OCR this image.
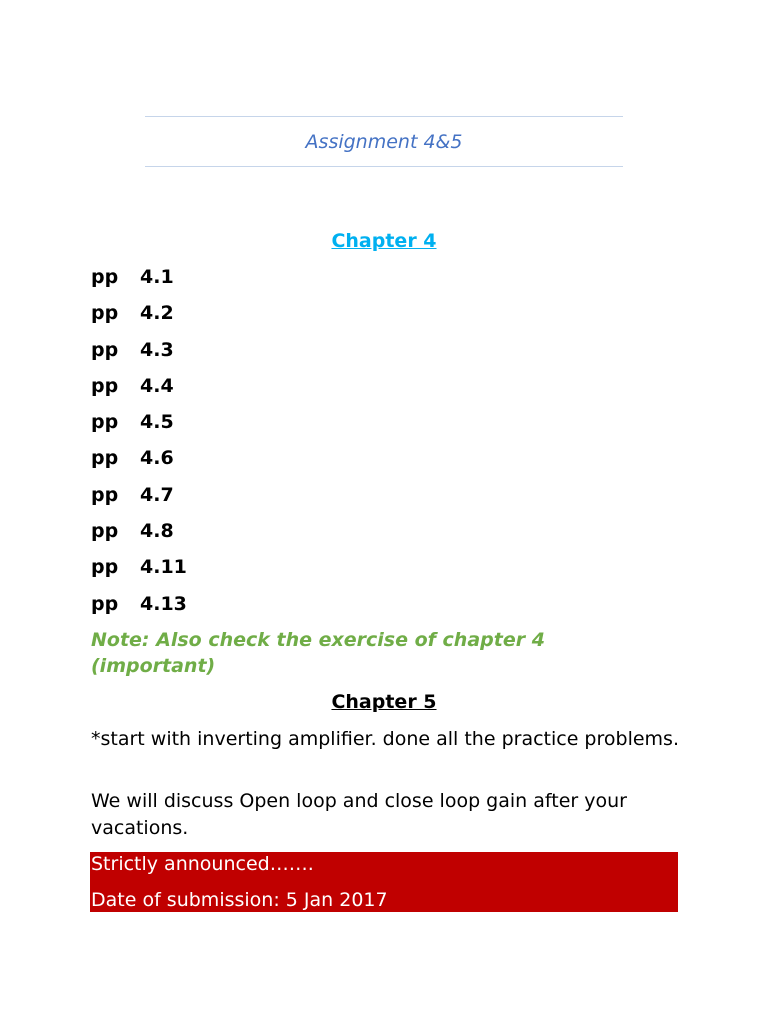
Assignment 4&5
Chapter 4
pp 4.1
pp 4.2
pp 4.3
pp 4.4
pp 4.5
pp 4.6
pp 4.7
pp 4.8
pp 4.11
pp 4.13
Note: Also check the exercise of chapter 4 (important)
Chapter 5
*start with inverting amplifier. done all the practice problems.
We will discuss Open loop and close loop gain after your vacations.
Strictly announced…….
Date of submission: 5 Jan 2017
